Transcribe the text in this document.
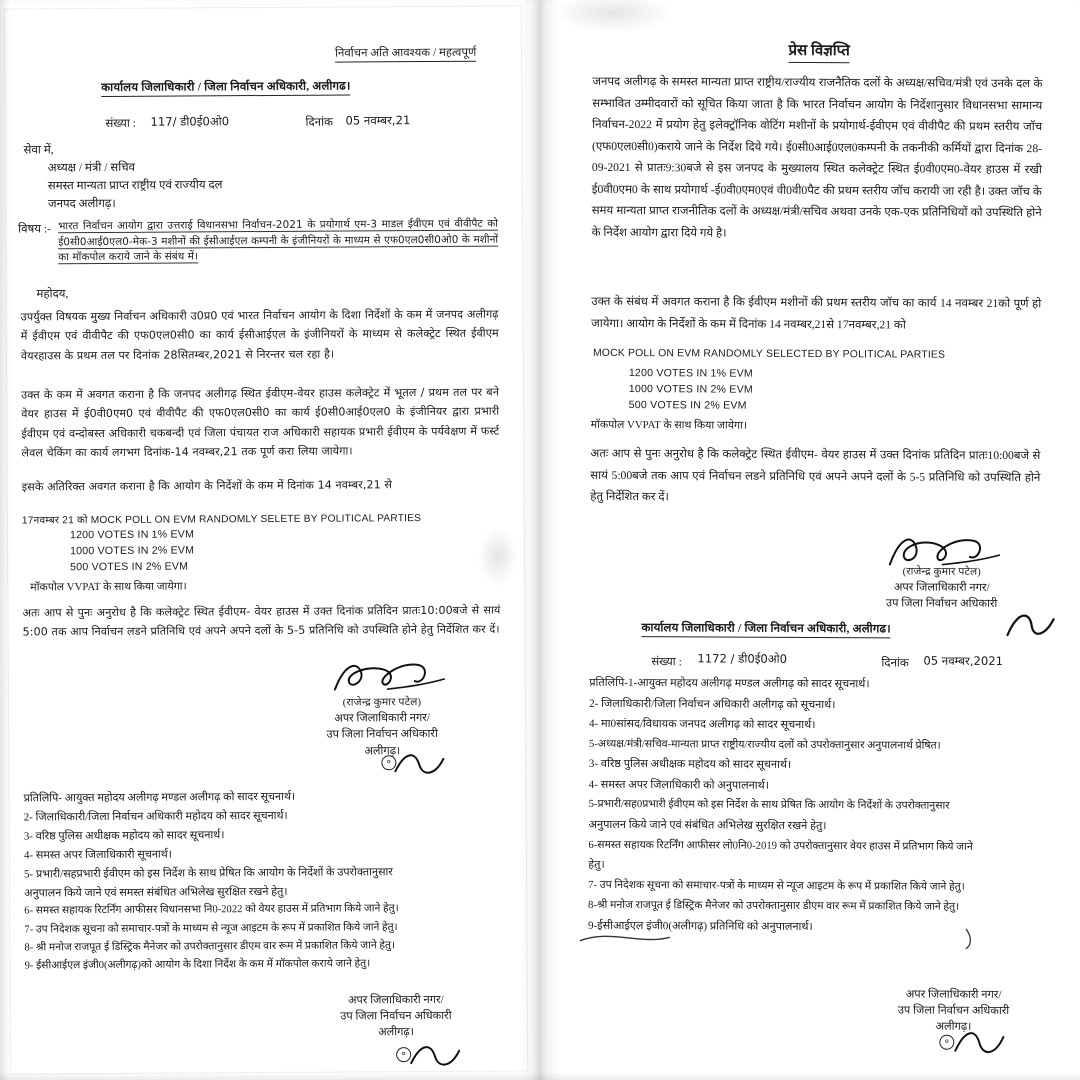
निर्वाचन अति आवश्यक / महत्वपूर्ण
कार्यालय जिलाधिकारी / जिला निर्वाचन अधिकारी, अलीगढ।
संख्या : 117/ डी0ई0ओ0	दिनांक 05 नवम्बर,21
सेवा में,
अध्यक्ष / मंत्री / सचिव
समस्त मान्यता प्राप्त राष्ट्रीय एवं राज्यीय दल
जनपद अलीगढ़।
विषय :- भारत निर्वाचन आयोग द्वारा उत्तराई विधानसभा निर्वाचन-2021 के प्रयोगार्थ एम-3 माडल ईवीएम एवं वीवीपैट को ई0सी0आई0एल0-मेक-3 मशीनों की ईसीआईएल कम्पनी के इंजीनियरों के माध्यम से एफ0एल0सी0ओ0 के मशीनों का मॉकपोल कराये जाने के संबंध में।
महोदय,
उपर्युक्त विषयक मुख्य निर्वाचन अधिकारी उ0प्र0 एवं भारत निर्वाचन आयोग के दिशा निर्देशों के कम में जनपद अलीगढ़ में ईवीएम एवं वीवीपैट की एफ0एल0सी0 का कार्य ईसीआईएल के इंजीनियरों के माध्यम से कलेक्ट्रेट स्थित ईवीएम वेयरहाउस के प्रथम तल पर दिनांक 28सितम्बर,2021 से निरन्तर चल रहा है।
उक्त के कम में अवगत कराना है कि जनपद अलीगढ़ स्थित ईवीएम-वेयर हाउस कलेक्ट्रेट में भूतल / प्रथम तल पर बने वेयर हाउस में ई0वी0एम0 एवं वीवीपैट की एफ0एल0सी0 का कार्य ई0सी0आई0एल0 के इंजीनियर द्वारा प्रभारी ईवीएम एवं वन्दोबस्त अधिकारी चकबन्दी एवं जिला पंचायत राज अधिकारी सहायक प्रभारी ईवीएम के पर्यवेक्षण में फर्स्ट लेवल चेकिंग का कार्य लगभग दिनांक-14 नवम्बर,21 तक पूर्ण करा लिया जायेगा।
इसके अतिरिक्त अवगत कराना है कि आयोग के निर्देशों के कम में दिनांक 14 नवम्बर,21 से
17नवम्बर 21 को MOCK POLL ON EVM RANDOMLY SELETE BY POLITICAL PARTIES
1200 VOTES IN 1% EVM
1000 VOTES IN 2% EVM
500 VOTES IN 2% EVM
मॉकपोल VVPAT के साथ किया जायेगा।
अतः आप से पुनः अनुरोध है कि कलेक्ट्रेट स्थित ईवीएम- वेयर हाउस में उक्त दिनांक प्रतिदिन प्रातः10:00बजे से सायं 5:00 तक आप निर्वाचन लडने प्रतिनिधि एवं अपने अपने दलों के 5-5 प्रतिनिधि को उपस्थिति होने हेतु निर्देशित कर दें।
(राजेन्द्र कुमार पटेल)
अपर जिलाधिकारी नगर/
उप जिला निर्वाचन अधिकारी
अलीगढ़।
०
प्रतिलिपि- आयुक्त महोदय अलीगढ़ मण्डल अलीगढ़ को सादर सूचनार्थ।
2- जिलाधिकारी/जिला निर्वाचन अधिकारी महोदय को सादर सूचनार्थ।
3- वरिष्ठ पुलिस अधीक्षक महोदय को सादर सूचनार्थ।
4- समस्त अपर जिलाधिकारी सूचनार्थ।
5- प्रभारी/सहप्रभारी ईवीएम को इस निर्देश के साथ प्रेषित कि आयोग के निर्देशों के उपरोक्तानुसार
अनुपालन किये जाने एवं समस्त संबंधित अभिलेख सुरक्षित रखने हेतु।
6- समस्त सहायक रिटर्निंग आफीसर विधानसभा नि0-2022 को वेयर हाउस में प्रतिभाग किये जाने हेतु।
7- उप निदेशक सूचना को समाचार-पत्रों के माध्यम से न्यूज आइटम के रूप में प्रकाशित किये जाने हेतु।
8- श्री मनोज राजपूत ई डिस्ट्रिक मैनेजर को उपरोक्तानुसार डीएम वार रूम में प्रकाशित किये जाने हेतु।
9- ईसीआईएल इंजी0(अलीगढ़)को आयोग के दिशा निर्देश के कम में मॉकपोल कराये जाने हेतु।
अपर जिलाधिकारी नगर/
उप जिला निर्वाचन अधिकारी
अलीगढ़।
०
प्रेस विज्ञप्ति
जनपद अलीगढ़ के समस्त मान्यता प्राप्त राष्ट्रीय/राज्यीय राजनैतिक दलों के अध्यक्ष/सचिव/मंत्री एवं उनके दल के सम्भावित उम्मीदवारों को सूचित किया जाता है कि भारत निर्वाचन आयोग के निर्देशानुसार विधानसभा सामान्य निर्वाचन-2022 में प्रयोग हेतु इलेक्ट्रॉनिक वोटिंग मशीनों के प्रयोगार्थ-ईवीएम एवं वीवीपैट की प्रथम स्तरीय जॉच (एफ0एल0सी0)कराये जाने के निर्देश दिये गये। ई0सी0आई0एल0कम्पनी के तकनीकी कर्मियों द्वारा दिनांक 28-09-2021 से प्रातः9:30बजे से इस जनपद के मुख्यालय स्थित कलेक्ट्रेट स्थित ई0वी0एम0-वेयर हाउस में रखी ई0वी0एम0 के साथ प्रयोगार्थ -ई0वी0एम0एवं वी0वी0पैट की प्रथम स्तरीय जॉच करायी जा रही है। उक्त जॉच के समय मान्यता प्राप्त राजनीतिक दलों के अध्यक्ष/मंत्री/सचिव अथवा उनके एक-एक प्रतिनिधियों को उपस्थिति होने के निर्देश आयोग द्वारा दिये गये है।
उक्त के संबंध में अवगत कराना है कि ईवीएम मशीनों की प्रथम स्तरीय जॉच का कार्य 14 नवम्बर 21को पूर्ण हो जायेगा। आयोग के निर्देशों के कम में दिनांक 14 नवम्बर,21से 17नवम्बर,21 को
MOCK POLL ON EVM RANDOMLY SELECTED BY POLITICAL PARTIES
1200 VOTES IN 1% EVM
1000 VOTES IN 2% EVM
500 VOTES IN 2% EVM
मॉकपोल VVPAT के साथ किया जायेगा।
अतः आप से पुनः अनुरोध है कि कलेक्ट्रेट स्थित ईवीएम- वेयर हाउस में उक्त दिनांक प्रतिदिन प्रातः10:00बजे से सायं 5:00बजे तक आप एवं निर्वाचन लडने प्रतिनिधि एवं अपने अपने दलों के 5-5 प्रतिनिधि को उपस्थिति होने हेतु निर्देशित कर दें।
(राजेन्द्र कुमार पटेल)
अपर जिलाधिकारी नगर/
उप जिला निर्वाचन अधिकारी
कार्यालय जिलाधिकारी / जिला निर्वाचन अधिकारी, अलीगढ।
संख्या : 1172 / डी0ई0ओ0	दिनांक 05 नवम्बर,2021
प्रतिलिपि-1-आयुक्त महोदय अलीगढ़ मण्डल अलीगढ़ को सादर सूचनार्थ।
2- जिलाधिकारी/जिला निर्वाचन अधिकारी अलीगढ़ को सूचनार्थ।
4- मा0सांसद/विधायक जनपद अलीगढ़ को सादर सूचनार्थ।
5-अध्यक्ष/मंत्री/सचिव-मान्यता प्राप्त राष्ट्रीय/राज्यीय दलों को उपरोक्तानुसार अनुपालनार्थ प्रेषित।
3- वरिष्ठ पुलिस अधीक्षक महोदय को सादर सूचनार्थ।
4- समस्त अपर जिलाधिकारी को अनुपालनार्थ।
5-प्रभारी/सह0प्रभारी ईवीएम को इस निर्देश के साथ प्रेषित कि आयोग के निर्देशों के उपरोक्तानुसार
अनुपालन किये जाने एवं संबंधित अभिलेख सुरक्षित रखने हेतु।
6-समस्त सहायक रिटर्निंग आफीसर लो0नि0-2019 को उपरोक्तानुसार वेयर हाउस में प्रतिभाग किये जाने
हेतु।
7- उप निदेशक सूचना को समाचार-पत्रों के माध्यम से न्यूज आइटम के रूप में प्रकाशित किये जाने हेतु।
8-श्री मनोज राजपूत ई डिस्ट्रिक मैनेजर को उपरोक्तानुसार डीएम वार रूम में प्रकाशित किये जाने हेतु।
9-ईसीआईएल इंजी0(अलीगढ़) प्रतिनिधि को अनुपालनार्थ।
अपर जिलाधिकारी नगर/
उप जिला निर्वाचन अधिकारी
अलीगढ़।
०
